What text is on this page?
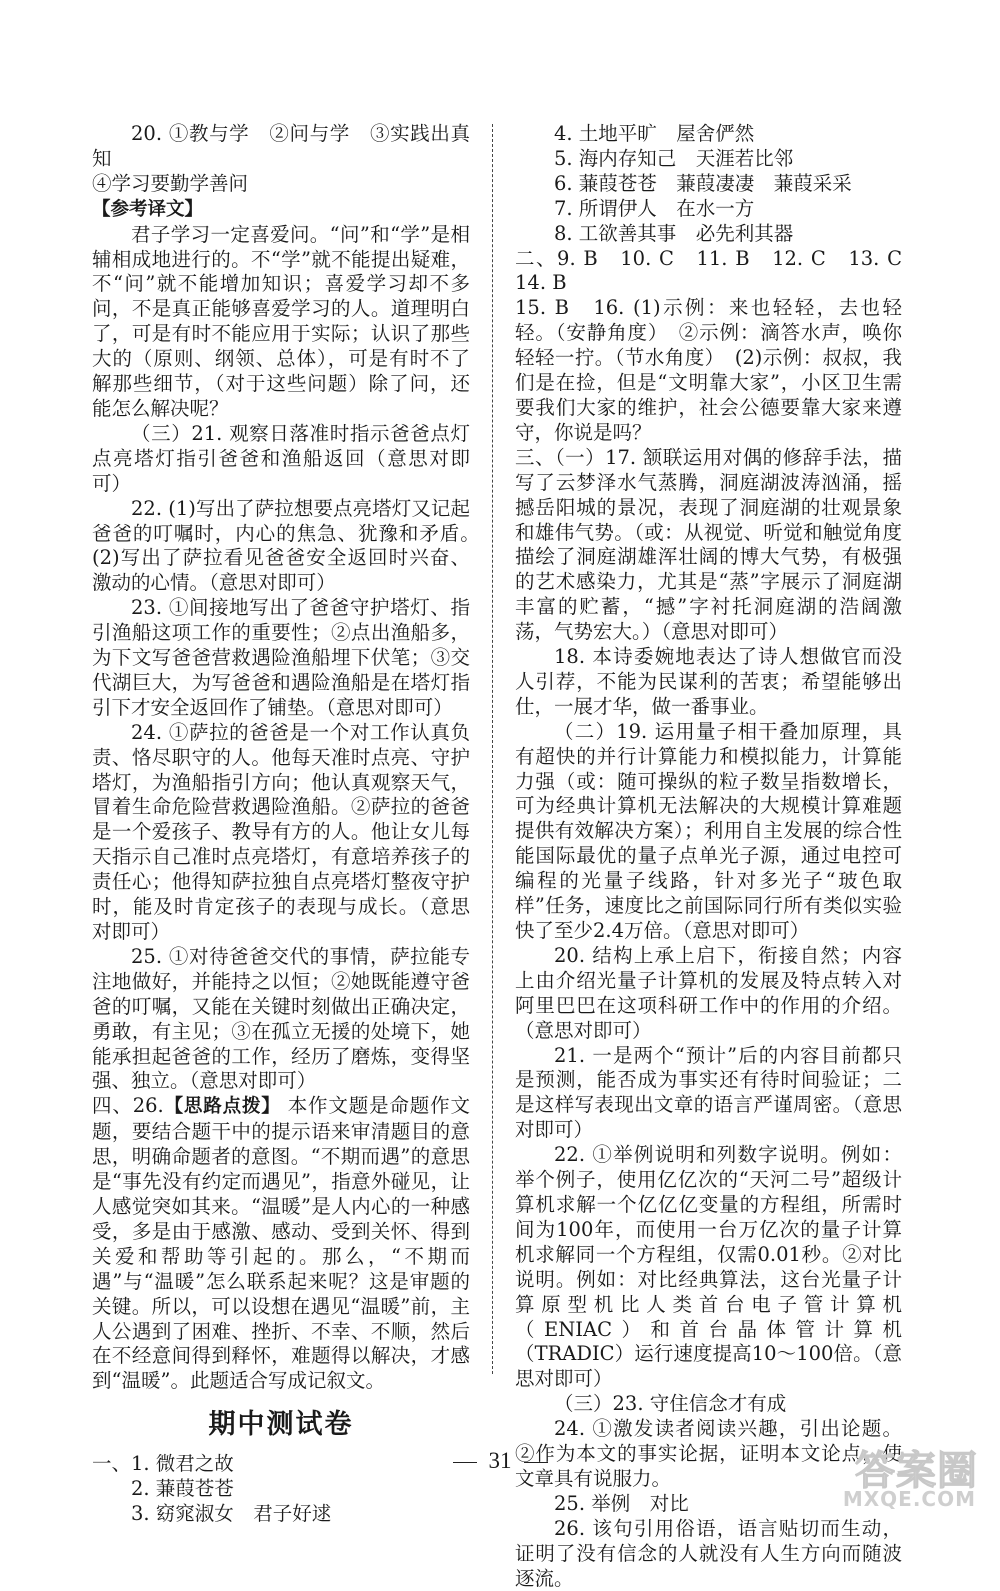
20. ①教与学　②问与学　③实践出真知

④学习要勤学善问

【参考译文】

君子学习一定喜爱问。“问”和“学”是相辅相成地进行的。不“学”就不能提出疑难，不“问”就不能增加知识；喜爱学习却不多问，不是真正能够喜爱学习的人。道理明白了，可是有时不能应用于实际；认识了那些大的（原则、纲领、总体），可是有时不了解那些细节，（对于这些问题）除了问，还能怎么解决呢？

（三）21. 观察日落准时指示爸爸点灯　点亮塔灯指引爸爸和渔船返回（意思对即可）

22. (1)写出了萨拉想要点亮塔灯又记起爸爸的叮嘱时，内心的焦急、犹豫和矛盾。　(2)写出了萨拉看见爸爸安全返回时兴奋、激动的心情。（意思对即可）

23. ①间接地写出了爸爸守护塔灯、指引渔船这项工作的重要性；②点出渔船多，为下文写爸爸营救遇险渔船埋下伏笔；③交代湖巨大，为写爸爸和遇险渔船是在塔灯指引下才安全返回作了铺垫。（意思对即可）

24. ①萨拉的爸爸是一个对工作认真负责、恪尽职守的人。他每天准时点亮、守护塔灯，为渔船指引方向；他认真观察天气，冒着生命危险营救遇险渔船。②萨拉的爸爸是一个爱孩子、教导有方的人。他让女儿每天指示自己准时点亮塔灯，有意培养孩子的责任心；他得知萨拉独自点亮塔灯整夜守护时，能及时肯定孩子的表现与成长。（意思对即可）

25. ①对待爸爸交代的事情，萨拉能专注地做好，并能持之以恒；②她既能遵守爸爸的叮嘱，又能在关键时刻做出正确决定，勇敢，有主见；③在孤立无援的处境下，她能承担起爸爸的工作，经历了磨炼，变得坚强、独立。（意思对即可）

四、26.【思路点拨】 本作文题是命题作文题，要结合题干中的提示语来审清题目的意思，明确命题者的意图。“不期而遇”的意思是“事先没有约定而遇见”，指意外碰见，让人感觉突如其来。“温暖”是人内心的一种感受，多是由于感激、感动、受到关怀、得到关爱和帮助等引起的。那么，“不期而遇”与“温暖”怎么联系起来呢？这是审题的关键。所以，可以设想在遇见“温暖”前，主人公遇到了困难、挫折、不幸、不顺，然后在不经意间得到释怀，难题得以解决，才感到“温暖”。此题适合写成记叙文。

期中测试卷

一、1. 微君之故

2. 蒹葭苍苍

3. 窈窕淑女　君子好逑

4. 土地平旷　屋舍俨然

5. 海内存知己　天涯若比邻

6. 蒹葭苍苍　蒹葭凄凄　蒹葭采采

7. 所谓伊人　在水一方

8. 工欲善其事　必先利其器

二、9. B　10. C　11. B　12. C　13. C　14. B

15. B　16. (1)示例：来也轻轻，去也轻轻。（安静角度）　②示例：滴答水声，唤你轻轻一拧。（节水角度）　(2)示例：叔叔，我们是在捡，但是“文明靠大家”，小区卫生需要我们大家的维护，社会公德要靠大家来遵守，你说是吗？

三、（一）17. 颔联运用对偶的修辞手法，描写了云梦泽水气蒸腾，洞庭湖波涛汹涌，摇撼岳阳城的景况，表现了洞庭湖的壮观景象和雄伟气势。（或：从视觉、听觉和触觉角度描绘了洞庭湖雄浑壮阔的博大气势，有极强的艺术感染力，尤其是“蒸”字展示了洞庭湖丰富的贮蓄，“撼”字衬托洞庭湖的浩阔激荡，气势宏大。）（意思对即可）

18. 本诗委婉地表达了诗人想做官而没人引荐，不能为民谋利的苦衷；希望能够出仕，一展才华，做一番事业。

（二）19. 运用量子相干叠加原理，具有超快的并行计算能力和模拟能力，计算能力强（或：随可操纵的粒子数呈指数增长，可为经典计算机无法解决的大规模计算难题提供有效解决方案）；利用自主发展的综合性能国际最优的量子点单光子源，通过电控可编程的光量子线路，针对多光子“玻色取样”任务，速度比之前国际同行所有类似实验快了至少2.4万倍。（意思对即可）

20. 结构上承上启下，衔接自然；内容上由介绍光量子计算机的发展及特点转入对阿里巴巴在这项科研工作中的作用的介绍。（意思对即可）

21. 一是两个“预计”后的内容目前都只是预测，能否成为事实还有待时间验证；二是这样写表现出文章的语言严谨周密。（意思对即可）

22. ①举例说明和列数字说明。例如：举个例子，使用亿亿次的“天河二号”超级计算机求解一个亿亿亿变量的方程组，所需时间为100年，而使用一台万亿次的量子计算机求解同一个方程组，仅需0.01秒。②对比说明。例如：对比经典算法，这台光量子计算原型机比人类首台电子管计算机（ENIAC）和首台晶体管计算机（TRADIC）运行速度提高10～100倍。（意思对即可）

（三）23. 守住信念才有成

24. ①激发读者阅读兴趣，引出论题。②作为本文的事实论据，证明本文论点，使文章具有说服力。

25. 举例　对比

26. 该句引用俗语，语言贴切而生动，证明了没有信念的人就没有人生方向而随波逐流。

31	答案圈
MXQE.COM
